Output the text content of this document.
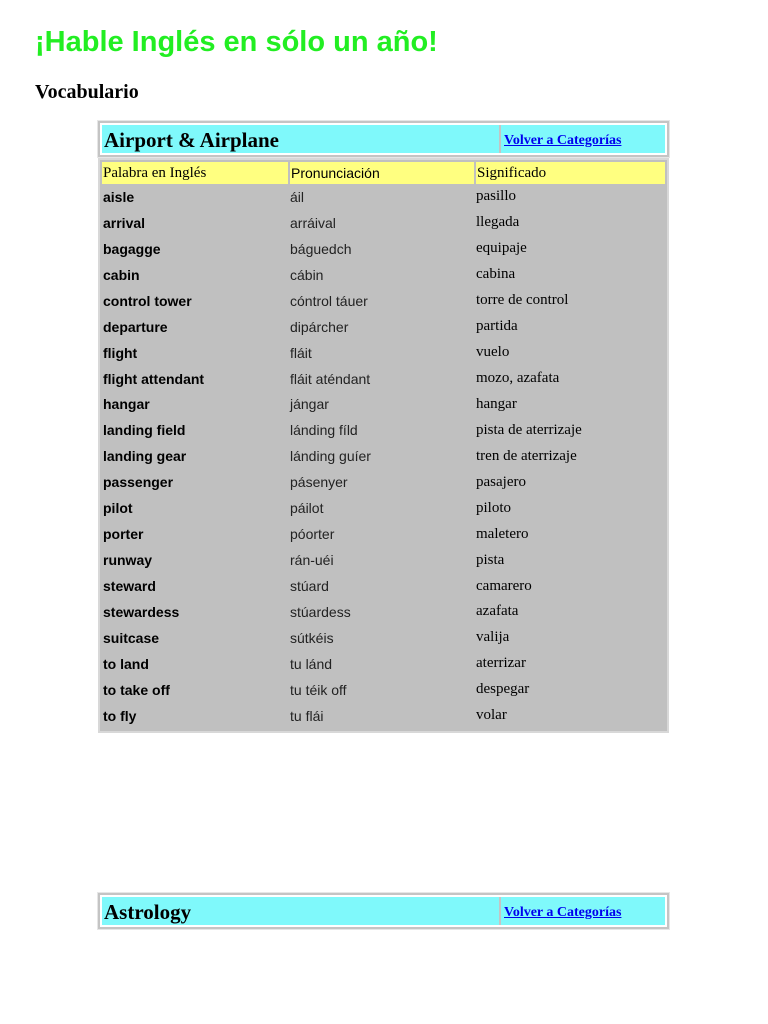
¡Hable Inglés en sólo un año!
Vocabulario
Airport & Airplane	Volver a Categorías
Palabra en Inglés	Pronunciación	Significado
aisle	áil	pasillo
arrival	arráival	llegada
bagagge	báguedch	equipaje
cabin	cábin	cabina
control tower	cóntrol táuer	torre de control
departure	dipárcher	partida
flight	fláit	vuelo
flight attendant	fláit aténdant	mozo, azafata
hangar	jángar	hangar
landing field	lánding fíld	pista de aterrizaje
landing gear	lánding guíer	tren de aterrizaje
passenger	pásenyer	pasajero
pilot	páilot	piloto
porter	póorter	maletero
runway	rán-uéi	pista
steward	stúard	camarero
stewardess	stúardess	azafata
suitcase	sútkéis	valija
to land	tu lánd	aterrizar
to take off	tu téik off	despegar
to fly	tu flái	volar
Astrology	Volver a Categorías
